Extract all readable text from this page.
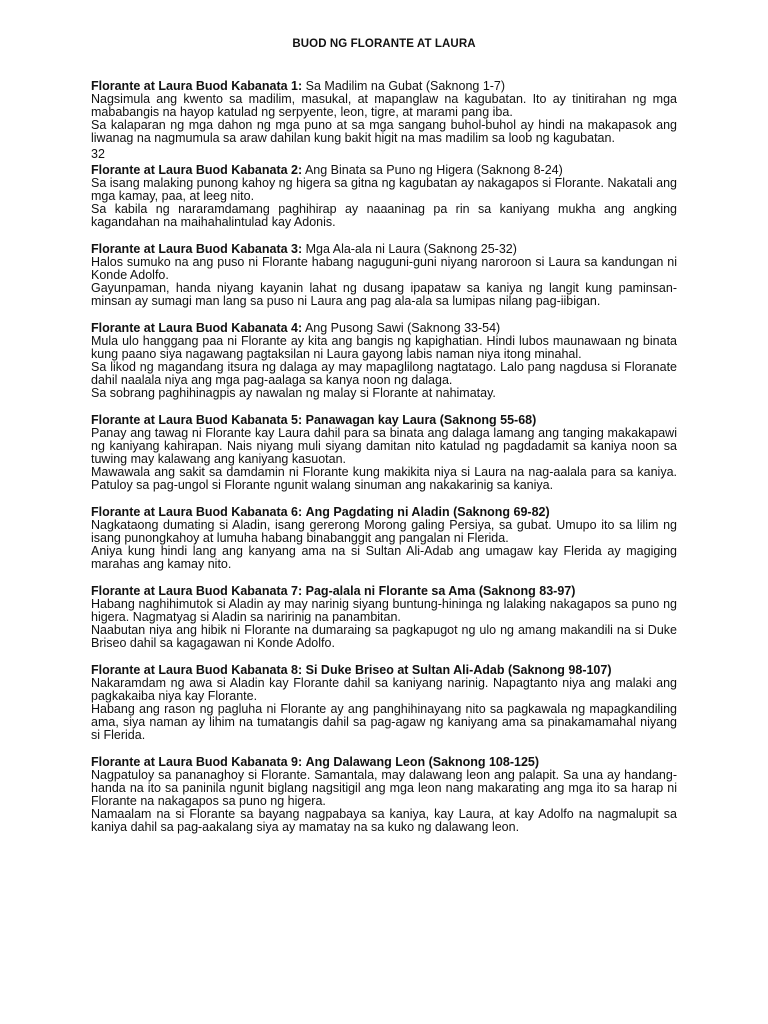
BUOD NG FLORANTE AT LAURA

Florante at Laura Buod Kabanata 1: Sa Madilim na Gubat (Saknong 1-7)

Nagsimula ang kwento sa madilim, masukal, at mapanglaw na kagubatan. Ito ay tinitirahan ng mga mababangis na hayop katulad ng serpyente, leon, tigre, at marami pang iba.

Sa kalaparan ng mga dahon ng mga puno at sa mga sangang buhol-buhol ay hindi na makapasok ang liwanag na nagmumula sa araw dahilan kung bakit higit na mas madilim sa loob ng kagubatan.

32

Florante at Laura Buod Kabanata 2: Ang Binata sa Puno ng Higera (Saknong 8-24)

Sa isang malaking punong kahoy ng higera sa gitna ng kagubatan ay nakagapos si Florante. Nakatali ang mga kamay, paa, at leeg nito.

Sa kabila ng nararamdamang paghihirap ay naaaninag pa rin sa kaniyang mukha ang angking kagandahan na maihahalintulad kay Adonis.

Florante at Laura Buod Kabanata 3: Mga Ala-ala ni Laura (Saknong 25-32)

Halos sumuko na ang puso ni Florante habang naguguni-guni niyang naroroon si Laura sa kandungan ni Konde Adolfo.

Gayunpaman, handa niyang kayanin lahat ng dusang ipapataw sa kaniya ng langit kung paminsan-minsan ay sumagi man lang sa puso ni Laura ang pag ala-ala sa lumipas nilang pag-iibigan.

Florante at Laura Buod Kabanata 4: Ang Pusong Sawi (Saknong 33-54)

Mula ulo hanggang paa ni Florante ay kita ang bangis ng kapighatian. Hindi lubos maunawaan ng binata kung paano siya nagawang pagtaksilan ni Laura gayong labis naman niya itong minahal.

Sa likod ng magandang itsura ng dalaga ay may mapaglilong nagtatago. Lalo pang nagdusa si Floranate dahil naalala niya ang mga pag-aalaga sa kanya noon ng dalaga.

Sa sobrang paghihinagpis ay nawalan ng malay si Florante at nahimatay.

Florante at Laura Buod Kabanata 5: Panawagan kay Laura (Saknong 55-68)

Panay ang tawag ni Florante kay Laura dahil para sa binata ang dalaga lamang ang tanging makakapawi ng kaniyang kahirapan. Nais niyang muli siyang damitan nito katulad ng pagdadamit sa kaniya noon sa tuwing may kalawang ang kaniyang kasuotan.

Mawawala ang sakit sa damdamin ni Florante kung makikita niya si Laura na nag-aalala para sa kaniya. Patuloy sa pag-ungol si Florante ngunit walang sinuman ang nakakarinig sa kaniya.

Florante at Laura Buod Kabanata 6: Ang Pagdating ni Aladin (Saknong 69-82)

Nagkataong dumating si Aladin, isang gererong Morong galing Persiya, sa gubat. Umupo ito sa lilim ng isang punongkahoy at lumuha habang binabanggit ang pangalan ni Flerida.

Aniya kung hindi lang ang kanyang ama na si Sultan Ali-Adab ang umagaw kay Flerida ay magiging marahas ang kamay nito.

Florante at Laura Buod Kabanata 7: Pag-alala ni Florante sa Ama (Saknong 83-97)

Habang naghihimutok si Aladin ay may narinig siyang buntung-hininga ng lalaking nakagapos sa puno ng higera. Nagmatyag si Aladin sa naririnig na panambitan.

Naabutan niya ang hibik ni Florante na dumaraing sa pagkapugot ng ulo ng amang makandili na si Duke Briseo dahil sa kagagawan ni Konde Adolfo.

Florante at Laura Buod Kabanata 8: Si Duke Briseo at Sultan Ali-Adab (Saknong 98-107)

Nakaramdam ng awa si Aladin kay Florante dahil sa kaniyang narinig. Napagtanto niya ang malaki ang pagkakaiba niya kay Florante.

Habang ang rason ng pagluha ni Florante ay ang panghihinayang nito sa pagkawala ng mapagkandiling ama, siya naman ay lihim na tumatangis dahil sa pag-agaw ng kaniyang ama sa pinakamamahal niyang si Flerida.

Florante at Laura Buod Kabanata 9: Ang Dalawang Leon (Saknong 108-125)

Nagpatuloy sa pananaghoy si Florante. Samantala, may dalawang leon ang palapit. Sa una ay handang-handa na ito sa paninila ngunit biglang nagsitigil ang mga leon nang makarating ang mga ito sa harap ni Florante na nakagapos sa puno ng higera.

Namaalam na si Florante sa bayang nagpabaya sa kaniya, kay Laura, at kay Adolfo na nagmalupit sa kaniya dahil sa pag-aakalang siya ay mamatay na sa kuko ng dalawang leon.
